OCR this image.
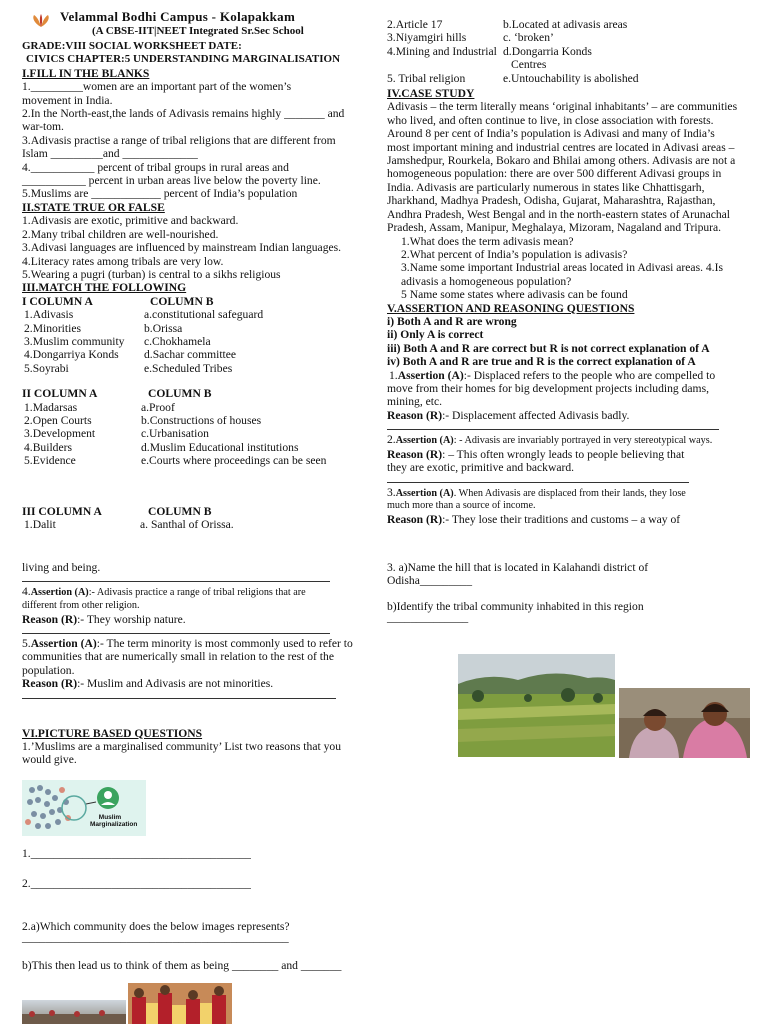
Velammal Bodhi Campus - Kolapakkam
(A CBSE-IIT|NEET Integrated Sr.Sec School

GRADE:VIII SOCIAL WORKSHEET DATE:

CIVICS CHAPTER:5 UNDERSTANDING MARGINALISATION

I.FILL IN THE BLANKS

1._________women are an important part of the women’s

movement in India.

2.In the North-east,the lands of Adivasis remains highly _______ and

war-tom.

3.Adivasis practise a range of tribal religions that are different from

Islam _________and _____________

4.___________ percent of tribal groups in rural areas and

___________ percent in urban areas live below the poverty line.

5.Muslims are ____________ percent of India’s population

II.STATE TRUE OR FALSE

1.Adivasis are exotic, primitive and backward.

2.Many tribal children are well-nourished.

3.Adivasi languages are influenced by mainstream Indian languages.

4.Literacy rates among tribals are very low.

5.Wearing a pugri (turban) is central to a sikhs religious

III.MATCH THE FOLLOWING

I COLUMN A	COLUMN B
1.Adivasis	a.constitutional safeguard
2.Minorities	b.Orissa
3.Muslim community	c.Chokhamela
4.Dongarriya Konds	d.Sachar committee
5.Soyrabi	e.Scheduled Tribes
II COLUMN A	COLUMN B
1.Madarsas	a.Proof
2.Open Courts	b.Constructions of houses
3.Development	c.Urbanisation
4.Builders	d.Muslim Educational institutions
5.Evidence	e.Courts where proceedings can be seen
III COLUMN A	COLUMN B
1.Dalit	a. Santhal of Orissa.

living and being.

4.Assertion (A):- Adivasis practice a range of tribal religions that are

different from other religion.

Reason (R):- They worship nature.

5.Assertion (A):- The term minority is most commonly used to refer to

communities that are numerically small in relation to the rest of the

population.

Reason (R):- Muslim and Adivasis are not minorities.

VI.PICTURE BASED QUESTIONS

1.’Muslims are a marginalised community’ List two reasons that you

would give.

Muslim
Marginalization

1.______________________________________

2.______________________________________

2.a)Which community does the below images represents?

______________________________________________

b)This then lead us to think of them as being ________ and _______

2.Article 17	b.Located at adivasis areas
3.Niyamgiri hills	c. ‘broken’
4.Mining and Industrial d.Dongarria Konds
Centres
5. Tribal religion	e.Untouchability is abolished

IV.CASE STUDY

Adivasis – the term literally means ‘original inhabitants’ – are communities

who lived, and often continue to live, in close association with forests.

Around 8 per cent of India’s population is Adivasi and many of India’s

most important mining and industrial centres are located in Adivasi areas –

Jamshedpur, Rourkela, Bokaro and Bhilai among others. Adivasis are not a

homogeneous population: there are over 500 different Adivasi groups in

India. Adivasis are particularly numerous in states like Chhattisgarh,

Jharkhand, Madhya Pradesh, Odisha, Gujarat, Maharashtra, Rajasthan,

Andhra Pradesh, West Bengal and in the north-eastern states of Arunachal

Pradesh, Assam, Manipur, Meghalaya, Mizoram, Nagaland and Tripura.

1.What does the term adivasis mean?

2.What percent of India’s population is adivasis?

3.Name some important Industrial areas located in Adivasi areas. 4.Is

adivasis a homogeneous population?

5 Name some states where adivasis can be found

V.ASSERTION AND REASONING QUESTIONS

i) Both A and R are wrong

ii) Only A is correct

iii) Both A and R are correct but R is not correct explanation of A

iv) Both A and R are true and R is the correct explanation of A

1.Assertion (A):- Displaced refers to the people who are compelled to

move from their homes for big development projects including dams,

mining, etc.

Reason (R):- Displacement affected Adivasis badly.

2.Assertion (A): - Adivasis are invariably portrayed in very stereotypical ways.

Reason (R): – This often wrongly leads to people believing that

they are exotic, primitive and backward.

3.Assertion (A). When Adivasis are displaced from their lands, they lose

much more than a source of income.

Reason (R):- They lose their traditions and customs – a way of

3. a)Name the hill that is located in Kalahandi district of

Odisha_________

b)Identify the tribal community inhabited in this region

______________
